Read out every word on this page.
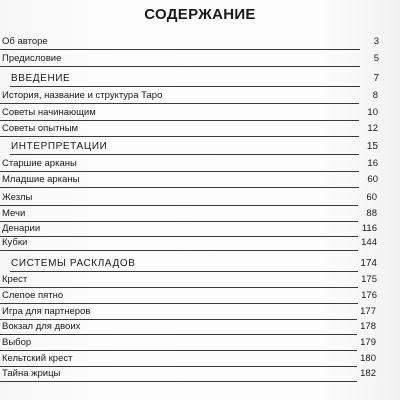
СОДЕРЖАНИЕ
Об авторе	3
Предисловие	5
ВВЕДЕНИЕ	7
История, название и структура Таро	8
Советы начинающим	10
Советы опытным	12
ИНТЕРПРЕТАЦИИ	15
Старшие арканы	16
Младшие арканы	60
Жезлы	60
Мечи	88
Денарии	116
Кубки	144
СИСТЕМЫ РАСКЛАДОВ	174
Крест	175
Слепое пятно	176
Игра для партнеров	177
Вокзал для двоих	178
Выбор	179
Кельтский крест	180
Тайна жрицы	182
